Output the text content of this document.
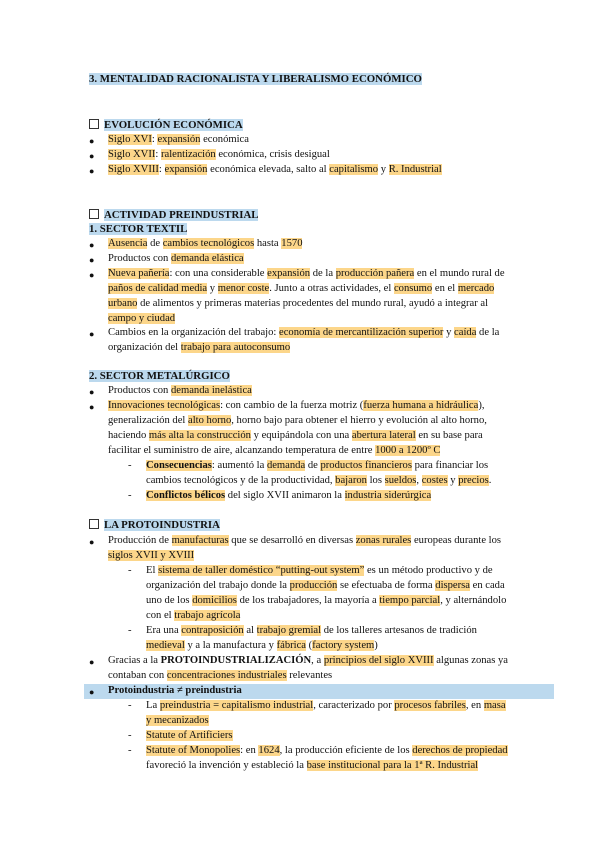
3. MENTALIDAD RACIONALISTA Y LIBERALISMO ECONÓMICO
EVOLUCIÓN ECONÓMICA
● Siglo XVI: expansión económica
● Siglo XVII: ralentización económica, crisis desigual
● Siglo XVIII: expansión económica elevada, salto al capitalismo y R. Industrial
ACTIVIDAD PREINDUSTRIAL
1. SECTOR TEXTIL
● Ausencia de cambios tecnológicos hasta 1570
● Productos con demanda elástica
● Nueva pañería: con una considerable expansión de la producción pañera en el mundo rural de
paños de calidad media y menor coste. Junto a otras actividades, el consumo en el mercado
urbano de alimentos y primeras materias procedentes del mundo rural, ayudó a integrar al
campo y ciudad
● Cambios en la organización del trabajo: economía de mercantilización superior y caída de la
organización del trabajo para autoconsumo
2. SECTOR METALÚRGICO
● Productos con demanda inelástica
● Innovaciones tecnológicas: con cambio de la fuerza motriz (fuerza humana a hidráulica),
generalización del alto horno, horno bajo para obtener el hierro y evolución al alto horno,
haciendo más alta la construcción y equipándola con una abertura lateral en su base para
facilitar el suministro de aire, alcanzando temperatura de entre 1000 a 1200º C
- Consecuencias: aumentó la demanda de productos financieros para financiar los
cambios tecnológicos y de la productividad, bajaron los sueldos, costes y precios.
- Conflictos bélicos del siglo XVII animaron la industria siderúrgica
LA PROTOINDUSTRIA
● Producción de manufacturas que se desarrolló en diversas zonas rurales europeas durante los
siglos XVII y XVIII
- El sistema de taller doméstico “putting-out system” es un método productivo y de
organización del trabajo donde la producción se efectuaba de forma dispersa en cada
uno de los domicilios de los trabajadores, la mayoría a tiempo parcial, y alternándolo
con el trabajo agrícola
- Era una contraposición al trabajo gremial de los talleres artesanos de tradición
medieval y a la manufactura y fábrica (factory system)
● Gracias a la PROTOINDUSTRIALIZACIÓN, a principios del siglo XVIII algunas zonas ya
contaban con concentraciones industriales relevantes
● Protoindustria ≠ preindustria
- La preindustria = capitalismo industrial, caracterizado por procesos fabriles, en masa
y mecanizados
- Statute of Artificiers
- Statute of Monopolies: en 1624, la producción eficiente de los derechos de propiedad
favoreció la invención y estableció la base institucional para la 1ª R. Industrial
